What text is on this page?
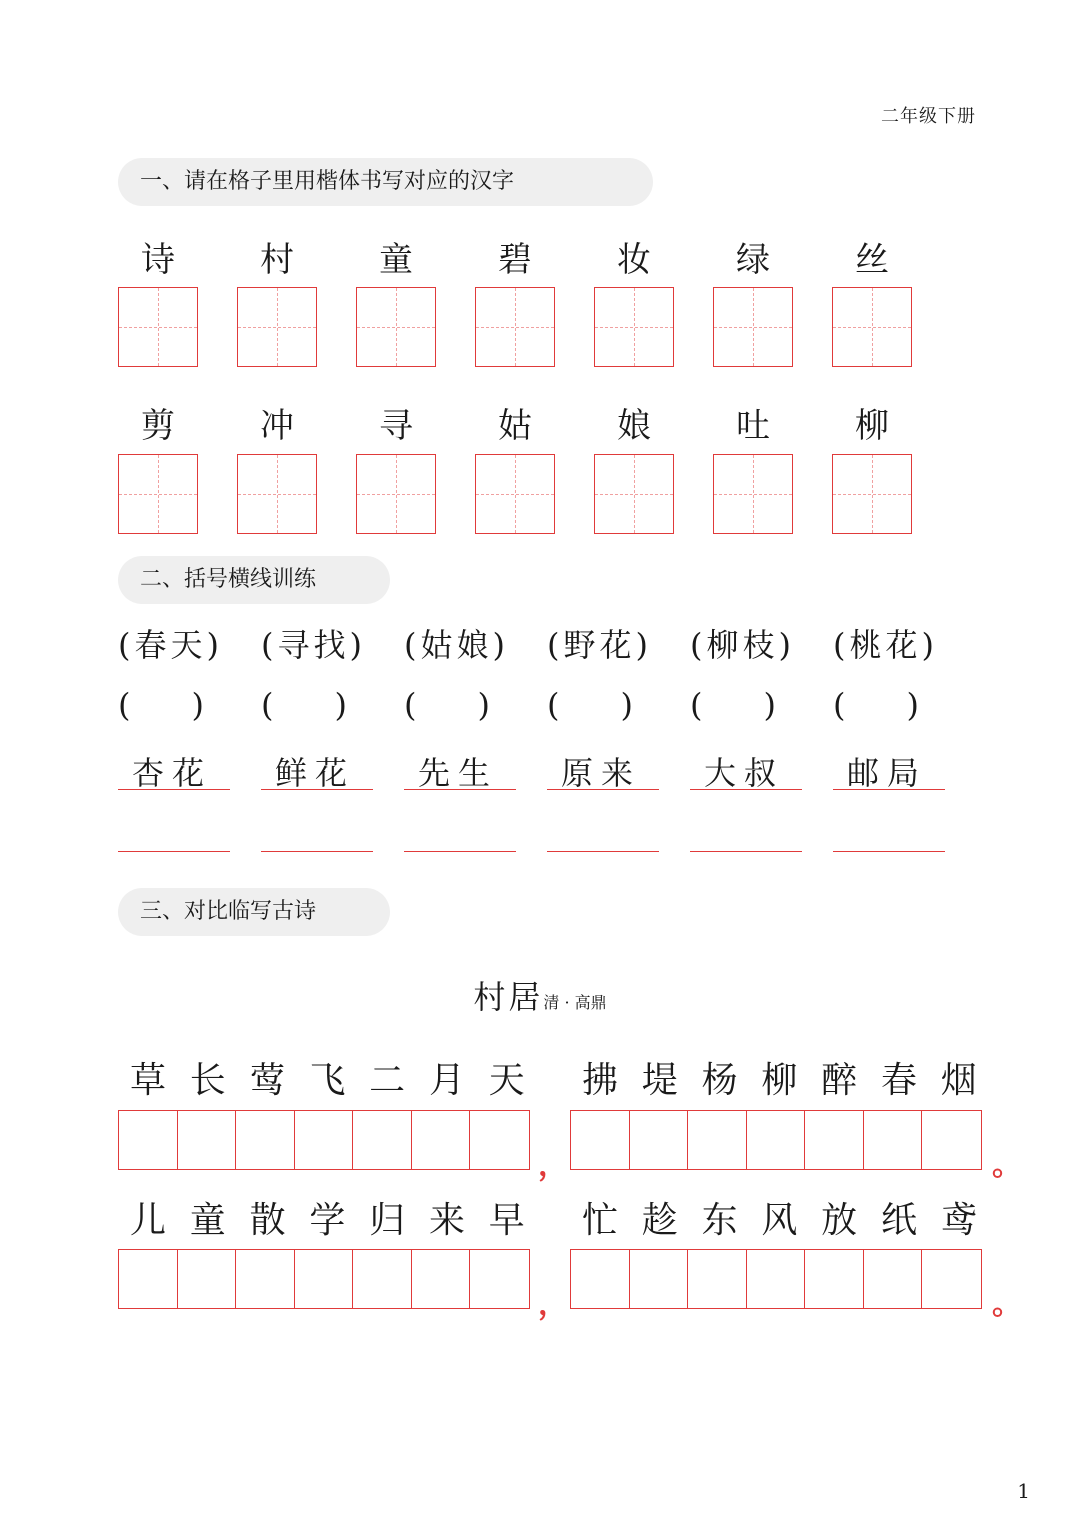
二年级下册
一、请在格子里用楷体书写对应的汉字
诗	村	童	碧	妆	绿	丝
剪	冲	寻	姑	娘	吐	柳
二、括号横线训练
(春天)
(      )
杏花
(寻找)
(      )
鲜花
(姑娘)
(      )
先生
(野花)
(      )
原来
(柳枝)
(      )
大叔
(桃花)
(      )
邮局
三、对比临写古诗
村居清 · 高鼎
草 长 莺 飞 二 月 天	拂 堤 杨 柳 醉 春 烟
，	。
儿 童 散 学 归 来 早	忙 趁 东 风 放 纸 鸢
，	。
1
